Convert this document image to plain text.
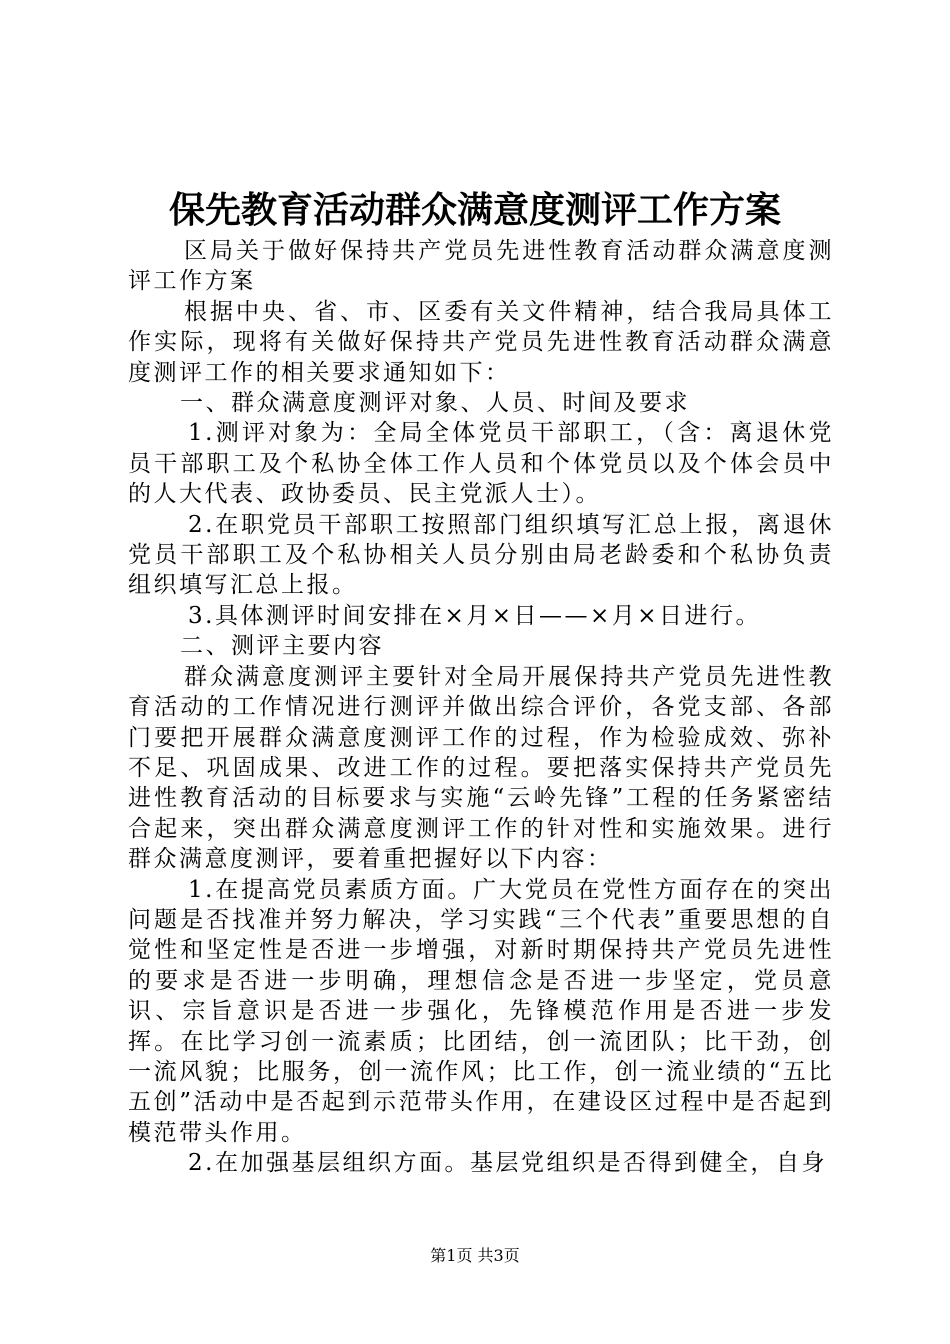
保先教育活动群众满意度测评工作方案

区局关于做好保持共产党员先进性教育活动群众满意度测评工作方案

根据中央、省、市、区委有关文件精神，结合我局具体工作实际，现将有关做好保持共产党员先进性教育活动群众满意度测评工作的相关要求通知如下：

一、群众满意度测评对象、人员、时间及要求

1.测评对象为：全局全体党员干部职工，（含：离退休党员干部职工及个私协全体工作人员和个体党员以及个体会员中的人大代表、政协委员、民主党派人士）。

2.在职党员干部职工按照部门组织填写汇总上报，离退休党员干部职工及个私协相关人员分别由局老龄委和个私协负责组织填写汇总上报。

3.具体测评时间安排在×月×日——×月×日进行。

二、测评主要内容

群众满意度测评主要针对全局开展保持共产党员先进性教育活动的工作情况进行测评并做出综合评价，各党支部、各部门要把开展群众满意度测评工作的过程，作为检验成效、弥补不足、巩固成果、改进工作的过程。要把落实保持共产党员先进性教育活动的目标要求与实施“云岭先锋”工程的任务紧密结合起来，突出群众满意度测评工作的针对性和实施效果。进行群众满意度测评，要着重把握好以下内容：

1.在提高党员素质方面。广大党员在党性方面存在的突出问题是否找准并努力解决，学习实践“三个代表”重要思想的自觉性和坚定性是否进一步增强，对新时期保持共产党员先进性的要求是否进一步明确，理想信念是否进一步坚定，党员意识、宗旨意识是否进一步强化，先锋模范作用是否进一步发挥。在比学习创一流素质；比团结，创一流团队；比干劲，创一流风貌；比服务，创一流作风；比工作，创一流业绩的“五比五创”活动中是否起到示范带头作用，在建设区过程中是否起到模范带头作用。

2.在加强基层组织方面。基层党组织是否得到健全，自身

第1页 共3页
